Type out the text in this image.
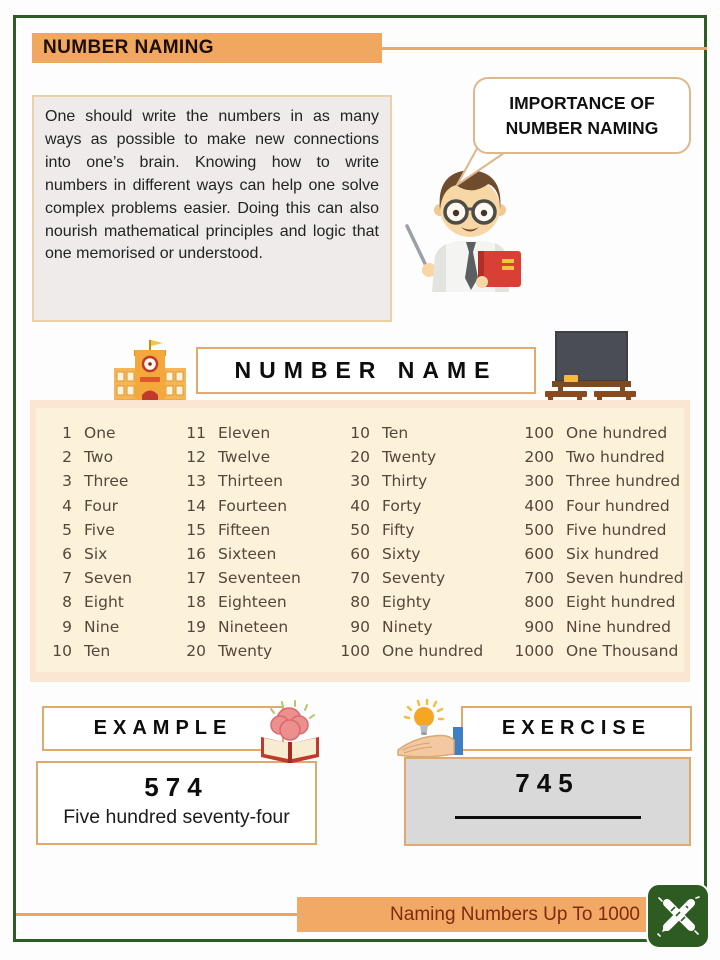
NUMBER NAMING
One should write the numbers in as many ways as possible to make new connections into one’s brain. Knowing how to write numbers in different ways can help one solve complex problems easier. Doing this can also nourish mathematical principles and logic that one memorised or understood.
IMPORTANCE OF
NUMBER NAMING
NUMBER NAME
1 One
2 Two
3 Three
4 Four
5 Five
6 Six
7 Seven
8 Eight
9 Nine
10 Ten
11 Eleven
12 Twelve
13 Thirteen
14 Fourteen
15 Fifteen
16 Sixteen
17 Seventeen
18 Eighteen
19 Nineteen
20 Twenty
10 Ten
20 Twenty
30 Thirty
40 Forty
50 Fifty
60 Sixty
70 Seventy
80 Eighty
90 Ninety
100 One hundred
100 One hundred
200 Two hundred
300 Three hundred
400 Four hundred
500 Five hundred
600 Six hundred
700 Seven hundred
800 Eight hundred
900 Nine hundred
1000 One Thousand
EXAMPLE
574
Five hundred seventy-four
EXERCISE
745
Naming Numbers Up To 1000
